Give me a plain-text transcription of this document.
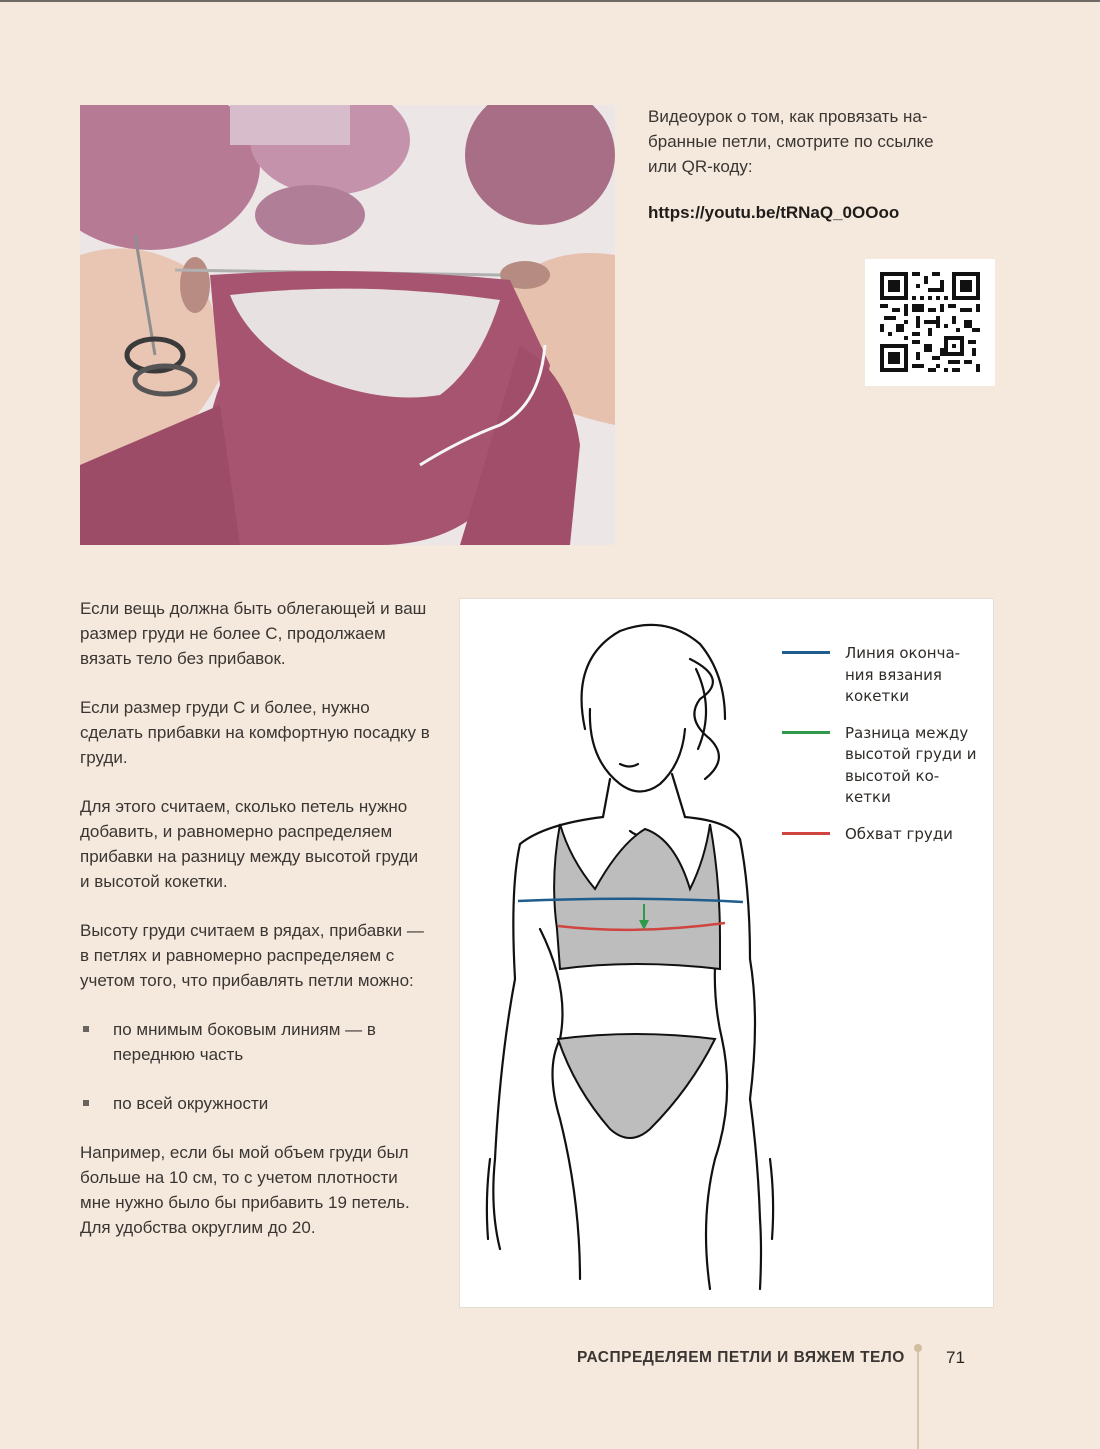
Видеоурок о том, как провязать на-

бранные петли, смотрите по ссылке

или QR-коду:

https://youtu.be/tRNaQ_0OOoo

Если вещь должна быть облегающей и ваш размер груди не более С, продолжаем вязать тело без прибавок.

Если размер груди С и более, нужно сделать прибавки на комфортную посадку в груди.

Для этого считаем, сколько петель нужно добавить, и равномерно распределяем прибавки на разницу между высотой груди и высотой кокетки.

Высоту груди считаем в рядах, прибавки — в петлях и равномерно распределяем с учетом того, что прибавлять петли можно:

по мнимым боковым линиям — в переднюю часть
по всей окружности

Например, если бы мой объем груди был больше на 10 см, то с учетом плотности мне нужно было бы прибавить 19 петель. Для удобства округлим до 20.

Линия оконча- ния вязания кокетки
Разница между высотой груди и высотой ко- кетки
Обхват груди
РАСПРЕДЕЛЯЕМ ПЕТЛИ И ВЯЖЕМ ТЕЛО 71
